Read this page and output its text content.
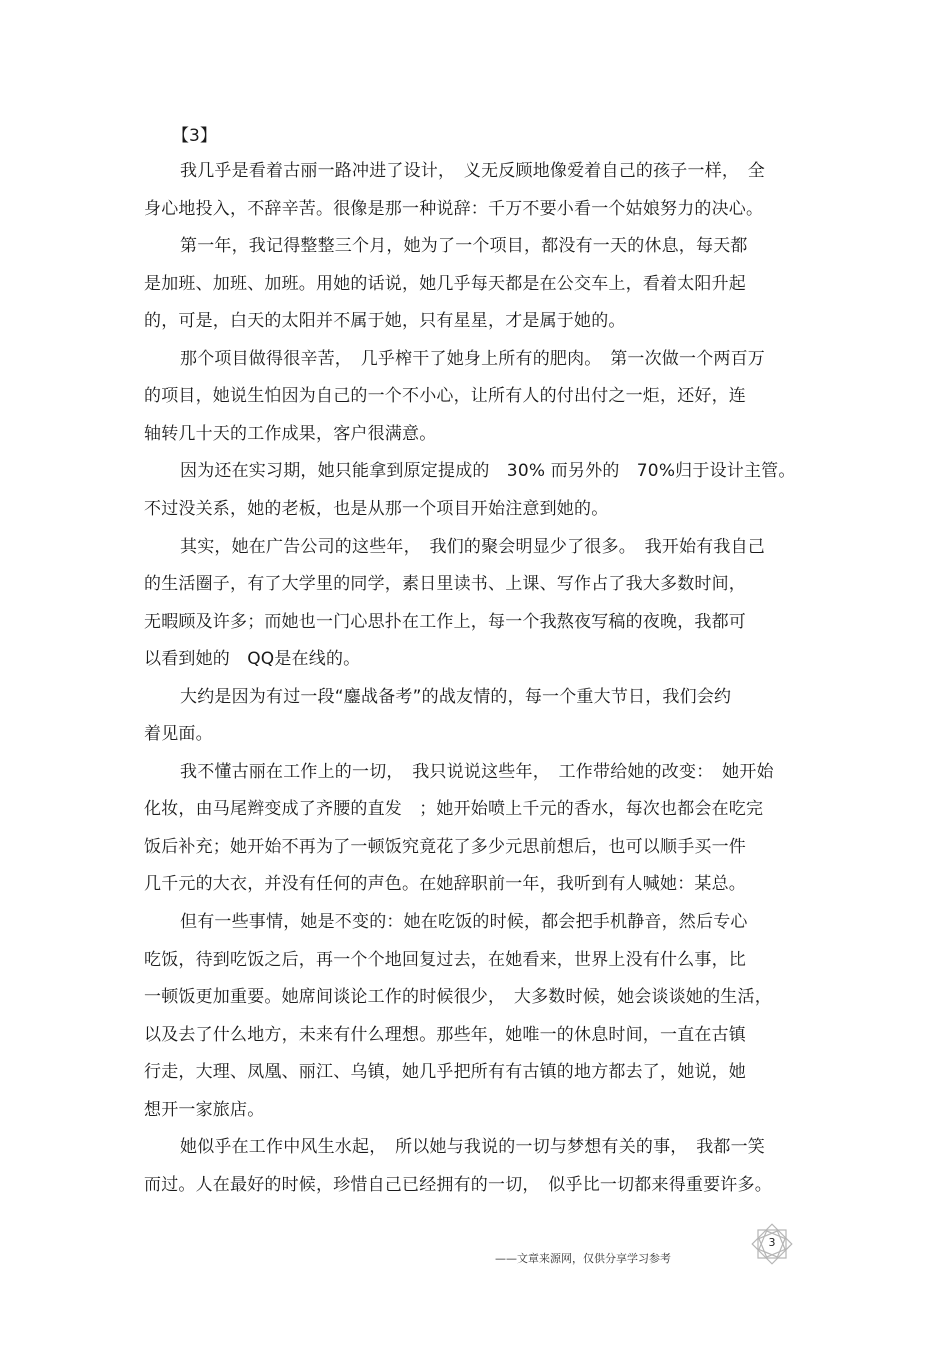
【3】
我几乎是看着古丽一路冲进了设计，　义无反顾地像爱着自己的孩子一样，　全
身心地投入，不辞辛苦。很像是那一种说辞：千万不要小看一个姑娘努力的决心。
第一年，我记得整整三个月，她为了一个项目，都没有一天的休息，每天都
是加班、加班、加班。用她的话说，她几乎每天都是在公交车上，看着太阳升起
的，可是，白天的太阳并不属于她，只有星星，才是属于她的。
那个项目做得很辛苦，　几乎榨干了她身上所有的肥肉。　第一次做一个两百万
的项目，她说生怕因为自己的一个不小心，让所有人的付出付之一炬，还好，连
轴转几十天的工作成果，客户很满意。
因为还在实习期，她只能拿到原定提成的　30% 而另外的　70%归于设计主管。
不过没关系，她的老板，也是从那一个项目开始注意到她的。
其实，她在广告公司的这些年，　我们的聚会明显少了很多。　我开始有我自己
的生活圈子，有了大学里的同学，素日里读书、上课、写作占了我大多数时间，
无暇顾及许多；而她也一门心思扑在工作上，每一个我熬夜写稿的夜晚，我都可
以看到她的　QQ是在线的。
大约是因为有过一段“鏖战备考”的战友情的，每一个重大节日，我们会约
着见面。
我不懂古丽在工作上的一切，　我只说说这些年，　工作带给她的改变：　她开始
化妆，由马尾辫变成了齐腰的直发　；她开始喷上千元的香水，每次也都会在吃完
饭后补充；她开始不再为了一顿饭究竟花了多少元思前想后，也可以顺手买一件
几千元的大衣，并没有任何的声色。在她辞职前一年，我听到有人喊她：某总。
但有一些事情，她是不变的：她在吃饭的时候，都会把手机静音，然后专心
吃饭，待到吃饭之后，再一个个地回复过去，在她看来，世界上没有什么事，比
一顿饭更加重要。她席间谈论工作的时候很少，　大多数时候，她会谈谈她的生活，
以及去了什么地方，未来有什么理想。那些年，她唯一的休息时间，一直在古镇
行走，大理、凤凰、丽江、乌镇，她几乎把所有有古镇的地方都去了，她说，她
想开一家旅店。
她似乎在工作中风生水起，　所以她与我说的一切与梦想有关的事，　我都一笑
而过。人在最好的时候，珍惜自己已经拥有的一切，　似乎比一切都来得重要许多。
——文章来源网，仅供分享学习参考
3
